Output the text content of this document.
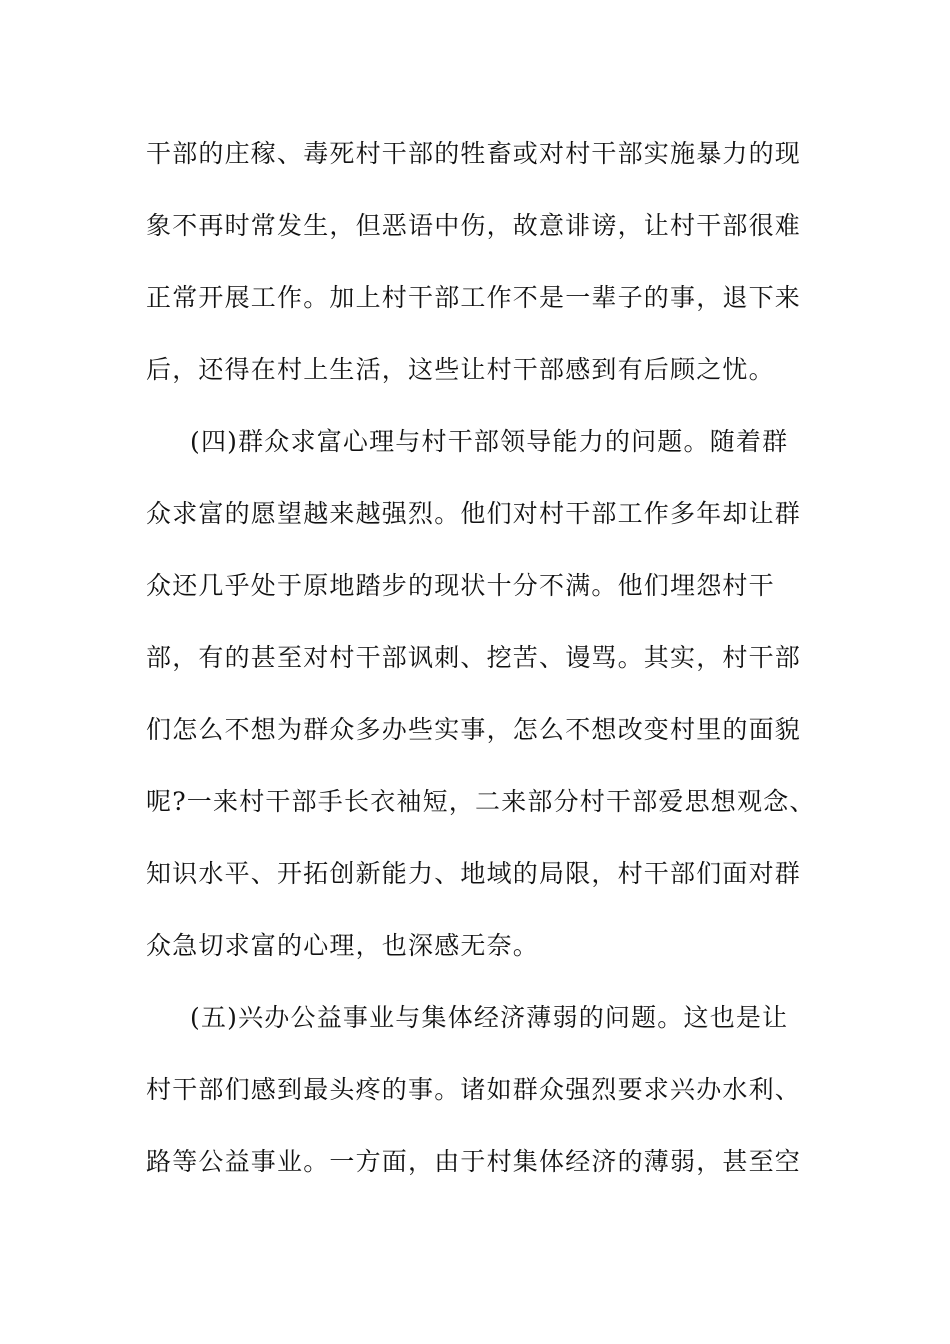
干部的庄稼、毒死村干部的牲畜或对村干部实施暴力的现
象不再时常发生，但恶语中伤，故意诽谤，让村干部很难
正常开展工作。加上村干部工作不是一辈子的事，退下来
后，还得在村上生活，这些让村干部感到有后顾之忧。
(四)群众求富心理与村干部领导能力的问题。随着群
众求富的愿望越来越强烈。他们对村干部工作多年却让群
众还几乎处于原地踏步的现状十分不满。他们埋怨村干
部，有的甚至对村干部讽刺、挖苦、谩骂。其实，村干部
们怎么不想为群众多办些实事，怎么不想改变村里的面貌
呢?一来村干部手长衣袖短，二来部分村干部爱思想观念、
知识水平、开拓创新能力、地域的局限，村干部们面对群
众急切求富的心理，也深感无奈。
(五)兴办公益事业与集体经济薄弱的问题。这也是让
村干部们感到最头疼的事。诸如群众强烈要求兴办水利、
路等公益事业。一方面，由于村集体经济的薄弱，甚至空
